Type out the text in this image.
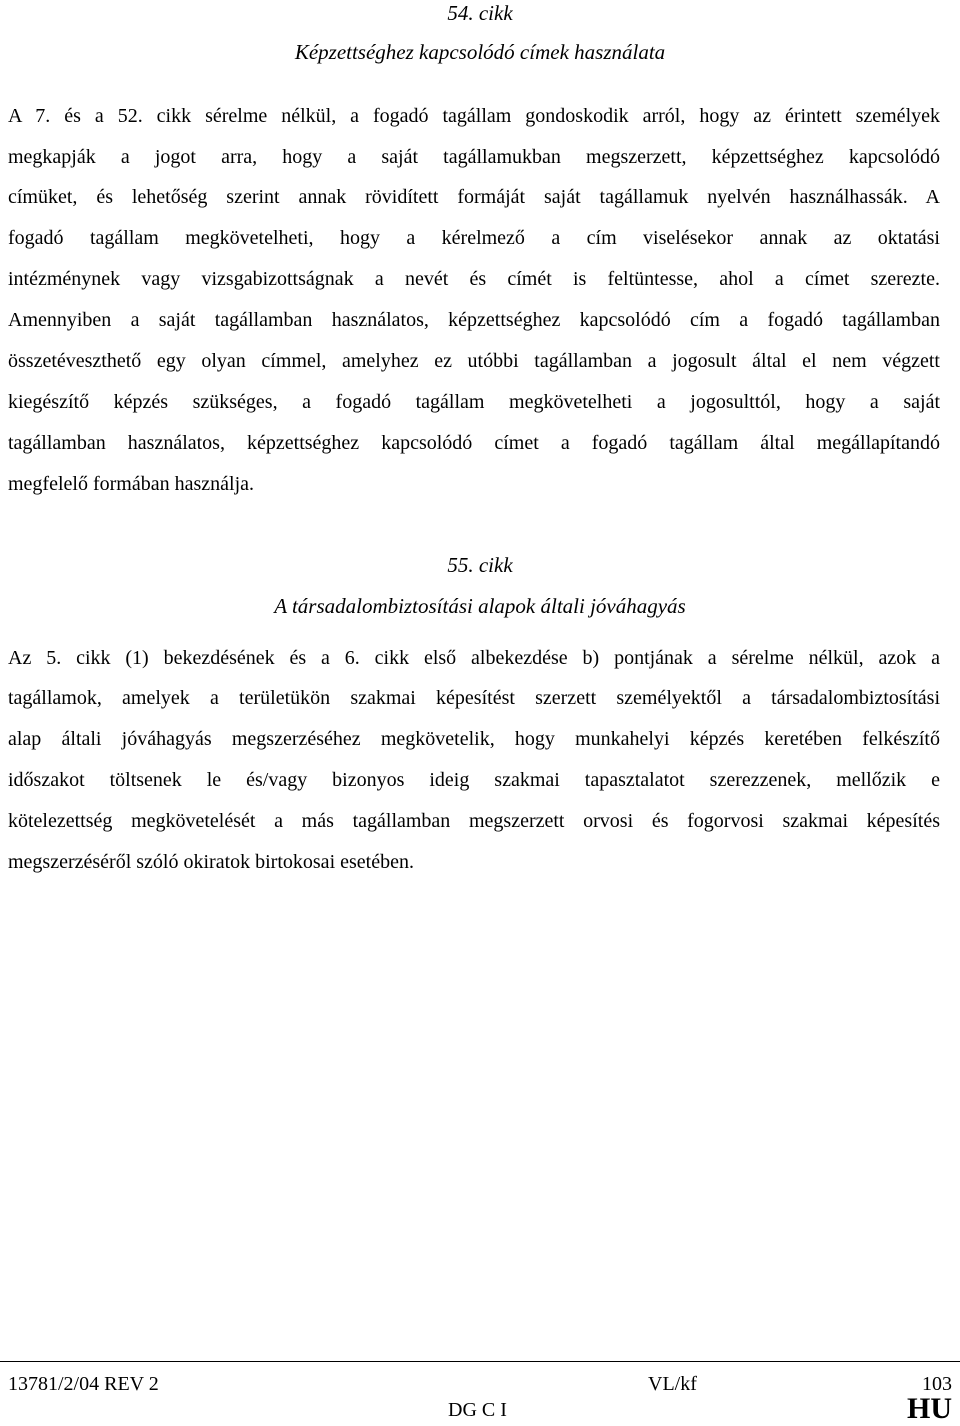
54. cikk
Képzettséghez kapcsolódó címek használata
A 7. és a 52. cikk sérelme nélkül, a fogadó tagállam gondoskodik arról, hogy az érintett személyek
megkapják a jogot arra, hogy a saját tagállamukban megszerzett, képzettséghez kapcsolódó
címüket, és lehetőség szerint annak rövidített formáját saját tagállamuk nyelvén használhassák. A
fogadó tagállam megkövetelheti, hogy a kérelmező a cím viselésekor annak az oktatási
intézménynek vagy vizsgabizottságnak a nevét és címét is feltüntesse, ahol a címet szerezte.
Amennyiben a saját tagállamban használatos, képzettséghez kapcsolódó cím a fogadó tagállamban
összetéveszthető egy olyan címmel, amelyhez ez utóbbi tagállamban a jogosult által el nem végzett
kiegészítő képzés szükséges, a fogadó tagállam megkövetelheti a jogosulttól, hogy a saját
tagállamban használatos, képzettséghez kapcsolódó címet a fogadó tagállam által megállapítandó
megfelelő formában használja.
55. cikk
A társadalombiztosítási alapok általi jóváhagyás
Az 5. cikk (1) bekezdésének és a 6. cikk első albekezdése b) pontjának a sérelme nélkül, azok a
tagállamok, amelyek a területükön szakmai képesítést szerzett személyektől a társadalombiztosítási
alap általi jóváhagyás megszerzéséhez megkövetelik, hogy munkahelyi képzés keretében felkészítő
időszakot töltsenek le és/vagy bizonyos ideig szakmai tapasztalatot szerezzenek, mellőzik e
kötelezettség megkövetelését a más tagállamban megszerzett orvosi és fogorvosi szakmai képesítés
megszerzéséről szóló okiratok birtokosai esetében.
13781/2/04 REV 2	VL/kf	103
DG C I	HU
